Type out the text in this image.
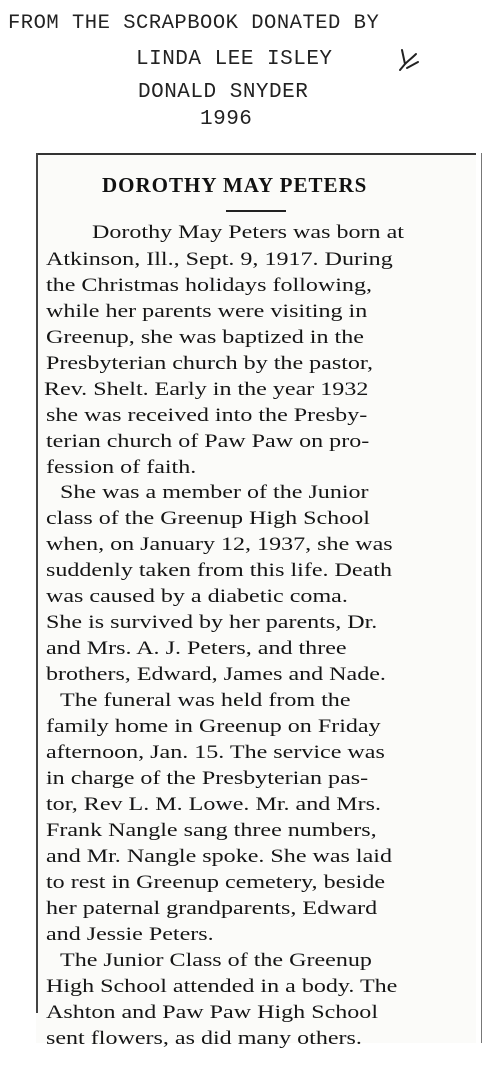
FROM THE SCRAPBOOK DONATED BY
LINDA LEE ISLEY
DONALD SNYDER
1996
DOROTHY MAY PETERS
Dorothy May Peters was born at
Atkinson, Ill., Sept. 9, 1917. During
the Christmas holidays following,
while her parents were visiting in
Greenup, she was baptized in the
Presbyterian church by the pastor,
Rev. Shelt. Early in the year 1932
she was received into the Presby-
terian church of Paw Paw on pro-
fession of faith.
She was a member of the Junior
class of the Greenup High School
when, on January 12, 1937, she was
suddenly taken from this life. Death
was caused by a diabetic coma.
She is survived by her parents, Dr.
and Mrs. A. J. Peters, and three
brothers, Edward, James and Nade.
The funeral was held from the
family home in Greenup on Friday
afternoon, Jan. 15. The service was
in charge of the Presbyterian pas-
tor, Rev L. M. Lowe. Mr. and Mrs.
Frank Nangle sang three numbers,
and Mr. Nangle spoke. She was laid
to rest in Greenup cemetery, beside
her paternal grandparents, Edward
and Jessie Peters.
The Junior Class of the Greenup
High School attended in a body. The
Ashton and Paw Paw High School
sent flowers, as did many others.
